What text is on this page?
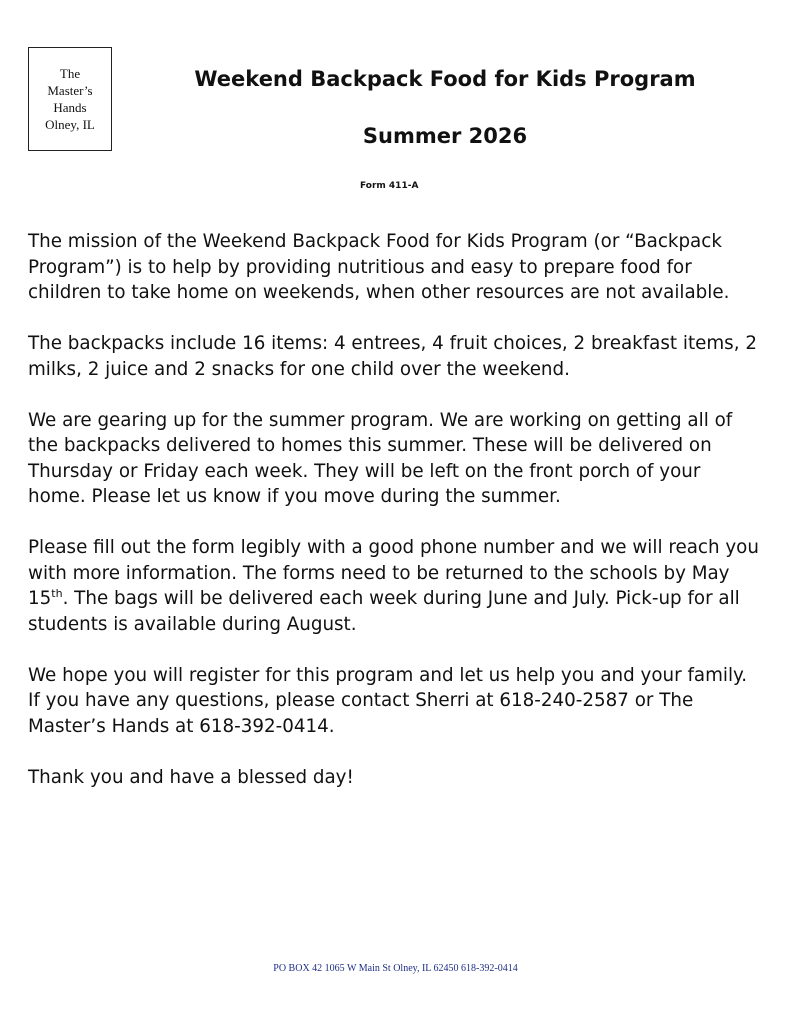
The
Master’s
Hands
Olney, IL
Weekend Backpack Food for Kids Program
Summer 2026
Form 411-A

The mission of the Weekend Backpack Food for Kids Program (or “Backpack Program”) is to help by providing nutritious and easy to prepare food for children to take home on weekends, when other resources are not available.

The backpacks include 16 items: 4 entrees, 4 fruit choices, 2 breakfast items, 2 milks, 2 juice and 2 snacks for one child over the weekend.

We are gearing up for the summer program. We are working on getting all of the backpacks delivered to homes this summer. These will be delivered on Thursday or Friday each week. They will be left on the front porch of your home. Please let us know if you move during the summer.

Please fill out the form legibly with a good phone number and we will reach you with more information. The forms need to be returned to the schools by May 15th. The bags will be delivered each week during June and July. Pick-up for all students is available during August.

We hope you will register for this program and let us help you and your family. If you have any questions, please contact Sherri at 618-240-2587 or The Master’s Hands at 618-392-0414.

Thank you and have a blessed day!

PO BOX 42 1065 W Main St Olney, IL 62450 618-392-0414
